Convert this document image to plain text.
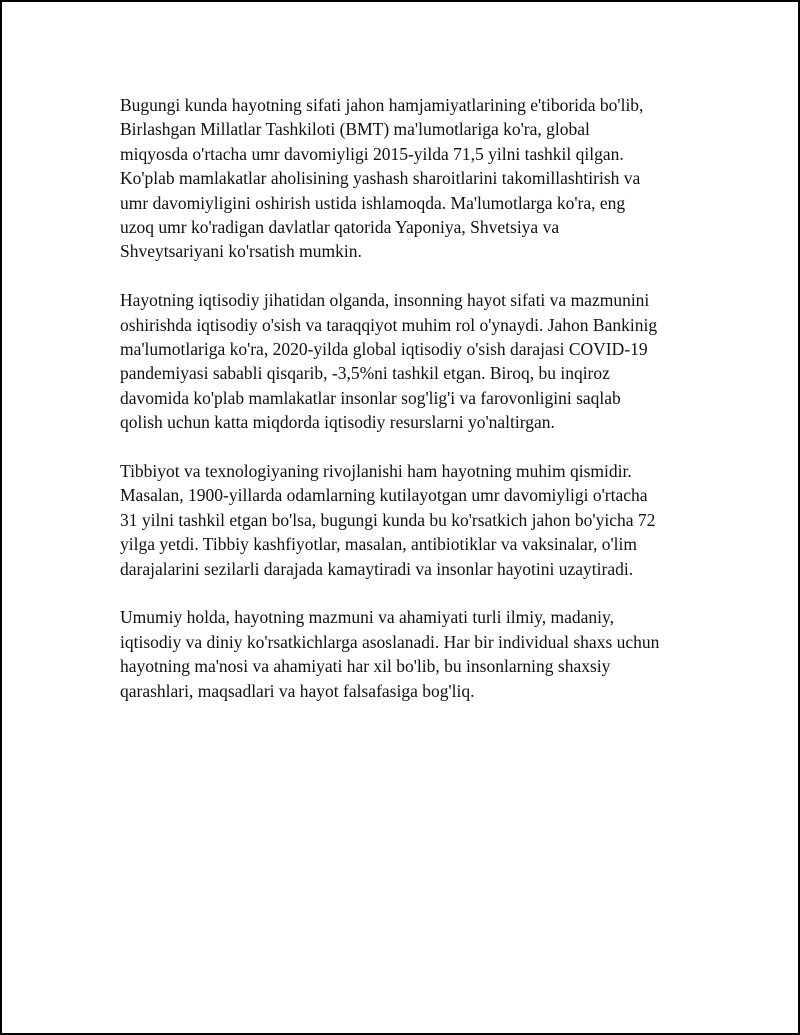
Bugungi kunda hayotning sifati jahon hamjamiyatlarining e'tiborida bo'lib,
Birlashgan Millatlar Tashkiloti (BMT) ma'lumotlariga ko'ra, global
miqyosda o'rtacha umr davomiyligi 2015-yilda 71,5 yilni tashkil qilgan.
Ko'plab mamlakatlar aholisining yashash sharoitlarini takomillashtirish va
umr davomiyligini oshirish ustida ishlamoqda. Ma'lumotlarga ko'ra, eng
uzoq umr ko'radigan davlatlar qatorida Yaponiya, Shvetsiya va
Shveytsariyani ko'rsatish mumkin.

Hayotning iqtisodiy jihatidan olganda, insonning hayot sifati va mazmunini
oshirishda iqtisodiy o'sish va taraqqiyot muhim rol o'ynaydi. Jahon Bankinig
ma'lumotlariga ko'ra, 2020-yilda global iqtisodiy o'sish darajasi COVID-19
pandemiyasi sababli qisqarib, -3,5%ni tashkil etgan. Biroq, bu inqiroz
davomida ko'plab mamlakatlar insonlar sog'lig'i va farovonligini saqlab
qolish uchun katta miqdorda iqtisodiy resurslarni yo'naltirgan.

Tibbiyot va texnologiyaning rivojlanishi ham hayotning muhim qismidir.
Masalan, 1900-yillarda odamlarning kutilayotgan umr davomiyligi o'rtacha
31 yilni tashkil etgan bo'lsa, bugungi kunda bu ko'rsatkich jahon bo'yicha 72
yilga yetdi. Tibbiy kashfiyotlar, masalan, antibiotiklar va vaksinalar, o'lim
darajalarini sezilarli darajada kamaytiradi va insonlar hayotini uzaytiradi.

Umumiy holda, hayotning mazmuni va ahamiyati turli ilmiy, madaniy,
iqtisodiy va diniy ko'rsatkichlarga asoslanadi. Har bir individual shaxs uchun
hayotning ma'nosi va ahamiyati har xil bo'lib, bu insonlarning shaxsiy
qarashlari, maqsadlari va hayot falsafasiga bog'liq.
